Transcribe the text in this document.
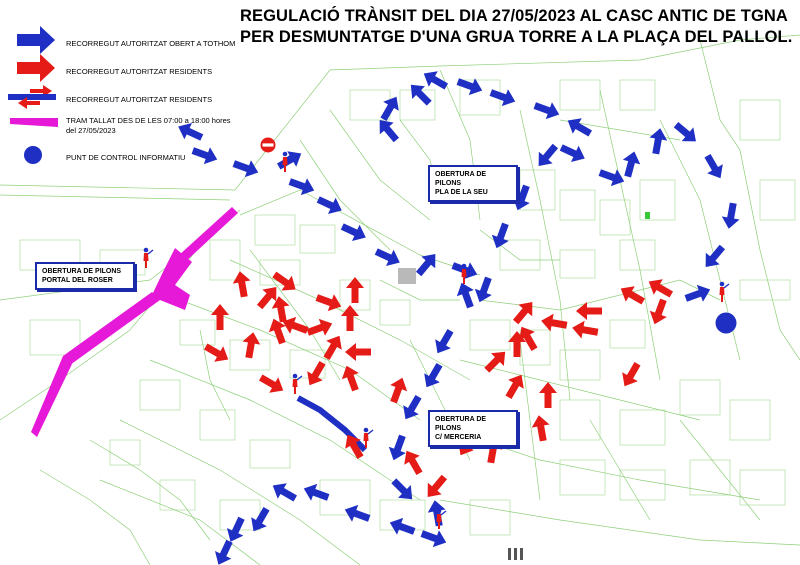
REGULACIÓ TRÀNSIT DEL DIA 27/05/2023 AL CASC ANTIC DE TGNA
PER DESMUNTATGE D'UNA GRUA TORRE A LA PLAÇA DEL PALLOL.
RECORREGUT AUTORITZAT OBERT A TOTHOM
RECORREGUT AUTORITZAT RESIDENTS
RECORREGUT AUTORITZAT RESIDENTS
TRAM TALLAT DES DE LES 07:00 a 18:00 hores del 27/05/2023
PUNT DE CONTROL INFORMATIU
OBERTURA DE PILONS
PORTAL DEL ROSER
OBERTURA DE PILONS
PLA DE LA SEU
OBERTURA DE PILONS
C/ MERCERIA
